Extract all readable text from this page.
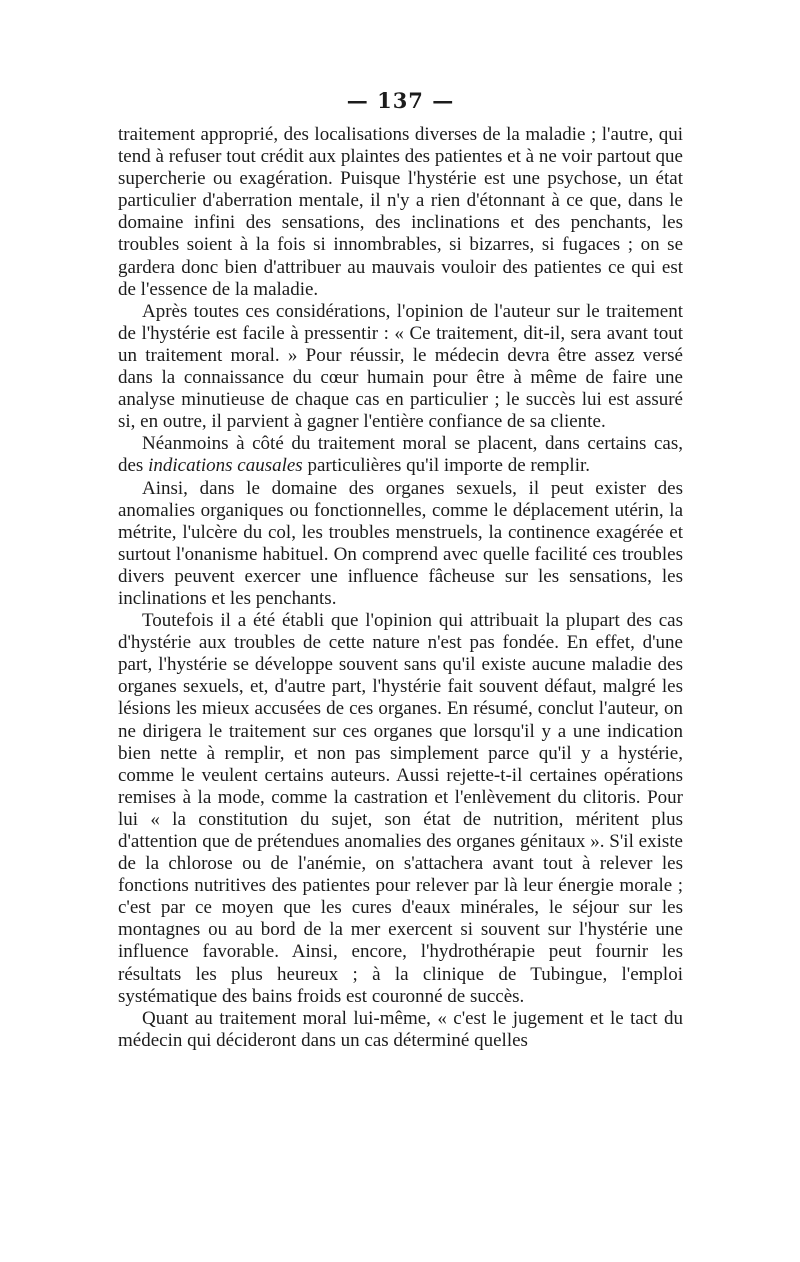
— 137 —

traitement approprié, des localisations diverses de la maladie ; l'autre, qui tend à refuser tout crédit aux plaintes des patientes et à ne voir partout que supercherie ou exagération. Puisque l'hystérie est une psychose, un état particulier d'aberration mentale, il n'y a rien d'étonnant à ce que, dans le domaine infini des sensations, des inclinations et des penchants, les troubles soient à la fois si innombrables, si bizarres, si fugaces ; on se gardera donc bien d'attribuer au mauvais vouloir des patientes ce qui est de l'essence de la maladie.

Après toutes ces considérations, l'opinion de l'auteur sur le traitement de l'hystérie est facile à pressentir : « Ce traitement, dit-il, sera avant tout un traitement moral. » Pour réussir, le médecin devra être assez versé dans la connaissance du cœur humain pour être à même de faire une analyse minutieuse de chaque cas en particulier ; le succès lui est assuré si, en outre, il parvient à gagner l'entière confiance de sa cliente.

Néanmoins à côté du traitement moral se placent, dans certains cas, des indications causales particulières qu'il importe de remplir.

Ainsi, dans le domaine des organes sexuels, il peut exister des anomalies organiques ou fonctionnelles, comme le déplacement utérin, la métrite, l'ulcère du col, les troubles menstruels, la continence exagérée et surtout l'onanisme habituel. On comprend avec quelle facilité ces troubles divers peuvent exercer une influence fâcheuse sur les sensations, les inclinations et les penchants.

Toutefois il a été établi que l'opinion qui attribuait la plupart des cas d'hystérie aux troubles de cette nature n'est pas fondée. En effet, d'une part, l'hystérie se développe souvent sans qu'il existe aucune maladie des organes sexuels, et, d'autre part, l'hystérie fait souvent défaut, malgré les lésions les mieux accusées de ces organes. En résumé, conclut l'auteur, on ne dirigera le traitement sur ces organes que lorsqu'il y a une indication bien nette à remplir, et non pas simplement parce qu'il y a hystérie, comme le veulent certains auteurs. Aussi rejette-t-il certaines opérations remises à la mode, comme la castration et l'enlèvement du clitoris. Pour lui « la constitution du sujet, son état de nutrition, méritent plus d'attention que de prétendues anomalies des organes génitaux ». S'il existe de la chlorose ou de l'anémie, on s'attachera avant tout à relever les fonctions nutritives des patientes pour relever par là leur énergie morale ; c'est par ce moyen que les cures d'eaux minérales, le séjour sur les montagnes ou au bord de la mer exercent si souvent sur l'hystérie une influence favorable. Ainsi, encore, l'hydrothérapie peut fournir les résultats les plus heureux ; à la clinique de Tubingue, l'emploi systématique des bains froids est couronné de succès.

Quant au traitement moral lui-même, « c'est le jugement et le tact du médecin qui décideront dans un cas déterminé quelles
